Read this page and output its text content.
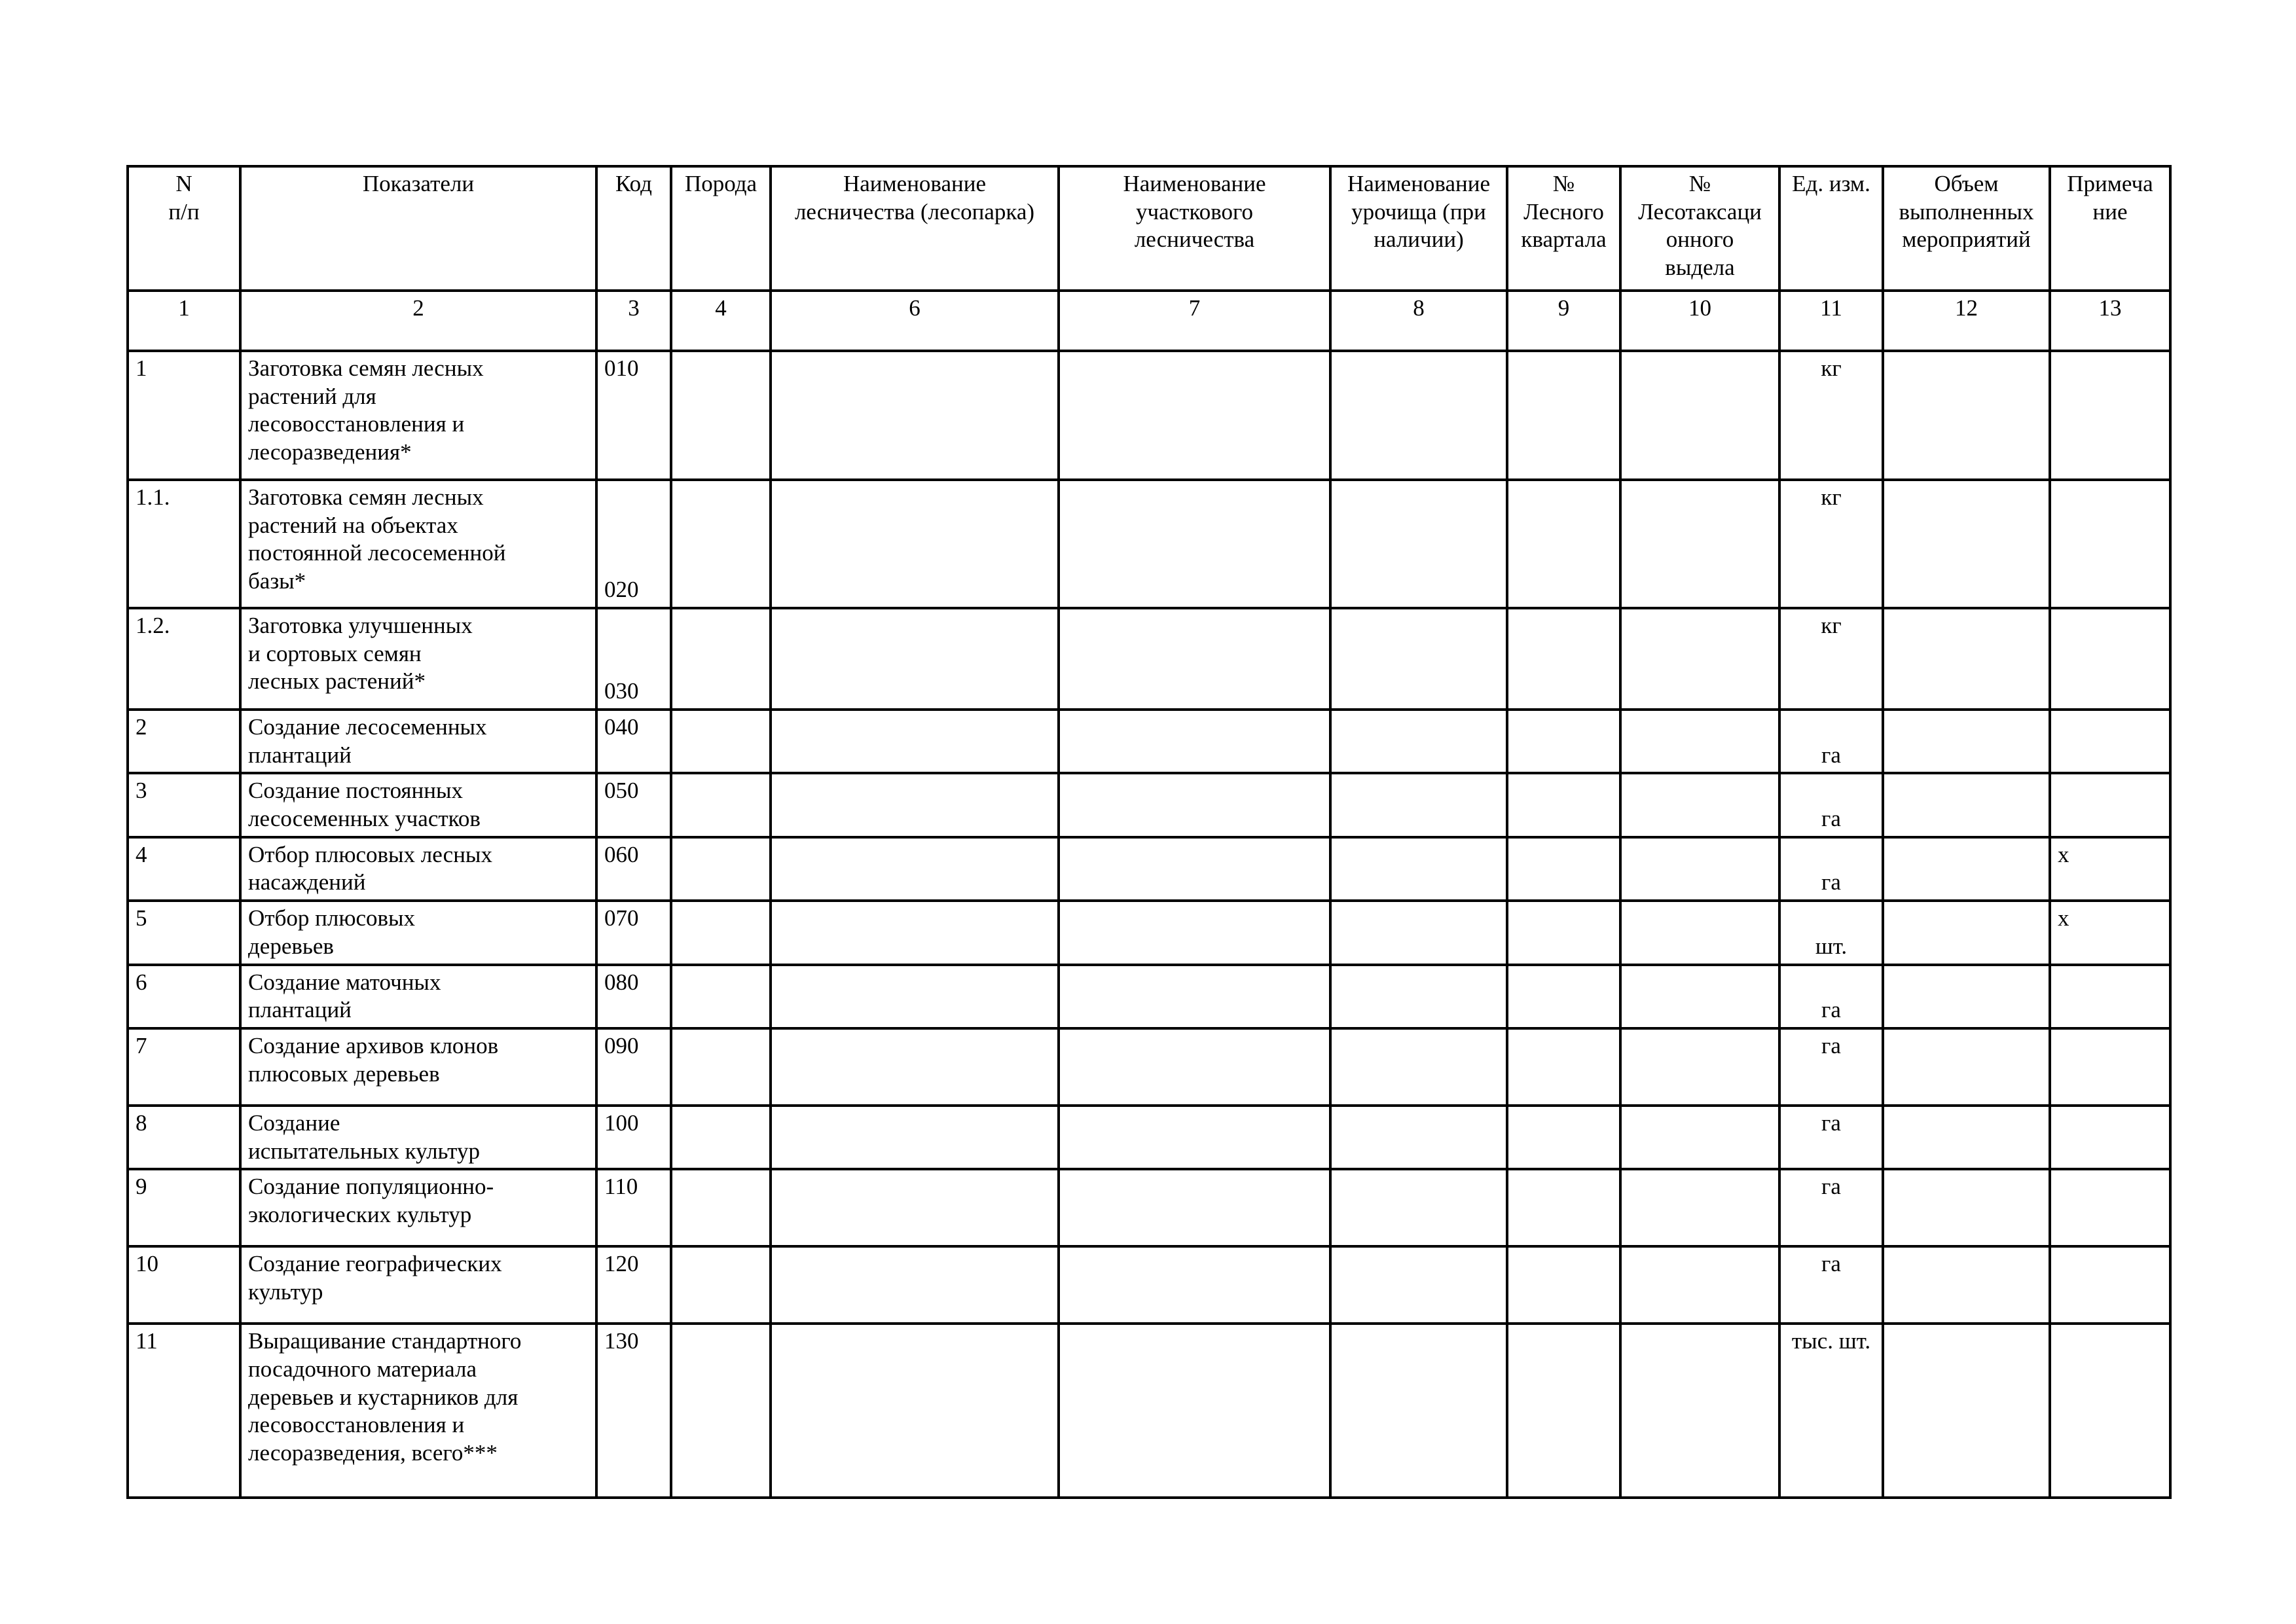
N
п/п	Показатели	Код	Порода	Наименование
лесничества (лесопарка)	Наименование
участкового
лесничества	Наименование
урочища (при
наличии)	№
Лесного
квартала	№
Лесотаксаци
онного
выдела	Ед. изм.	Объем
выполненных
мероприятий	Примеча
ние
1	2	3	4	6	7	8	9	10	11	12	13
1	Заготовка семян лесных
растений для
лесовосстановления и
лесоразведения*	010							кг		
1.1.	Заготовка семян лесных
растений на объектах
постоянной лесосеменной
базы*	020							кг		
1.2.	Заготовка улучшенных
и сортовых семян
лесных растений*	030							кг		
2	Создание лесосеменных
плантаций	040							га		
3	Создание постоянных
лесосеменных участков	050							га		
4	Отбор плюсовых лесных
насаждений	060							га		х
5	Отбор плюсовых
деревьев	070							шт.		х
6	Создание маточных
плантаций	080							га		
7	Создание архивов клонов
плюсовых деревьев	090							га		
8	Создание
испытательных культур	100							га		
9	Создание популяционно-
экологических культур	110							га		
10	Создание географических
культур	120							га		
11	Выращивание стандартного
посадочного материала
деревьев и кустарников для
лесовосстановления и
лесоразведения, всего***	130							тыс. шт.		
